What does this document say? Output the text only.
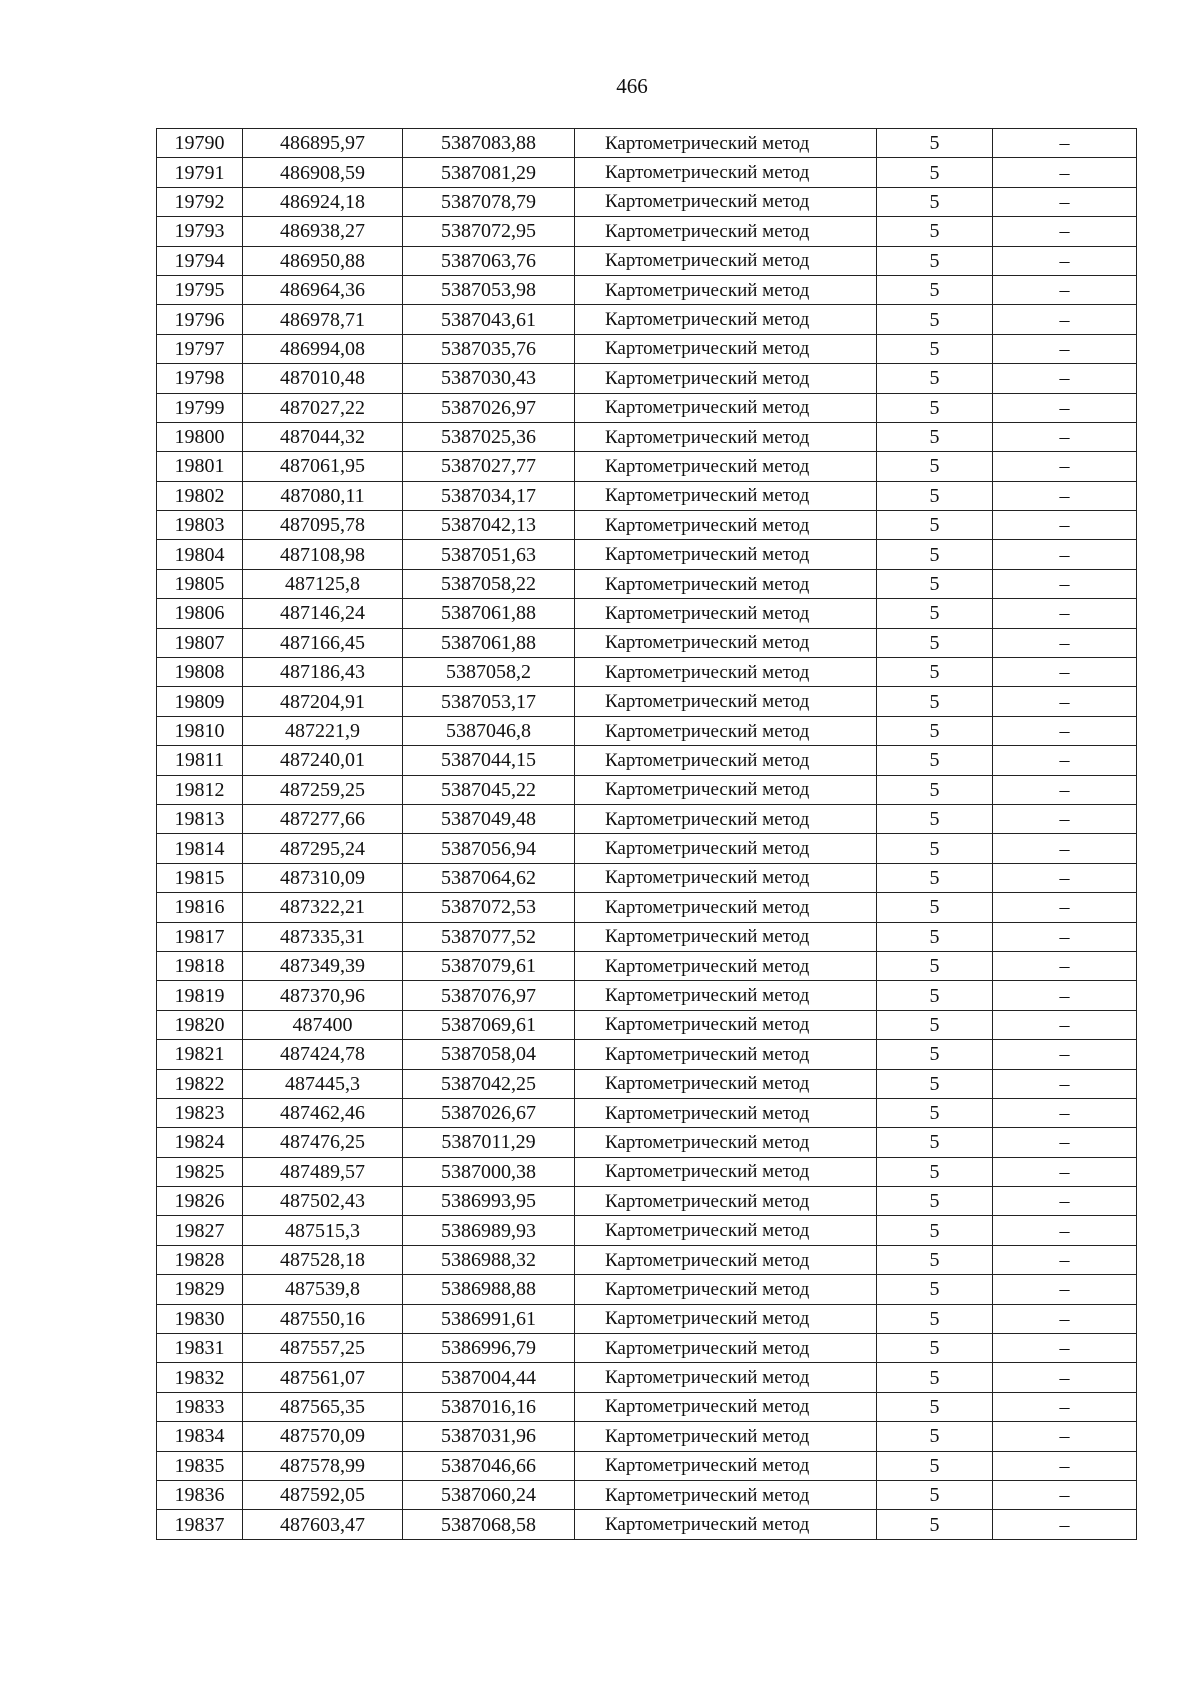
466
19790	486895,97	5387083,88	Картометрический метод	5	–
19791	486908,59	5387081,29	Картометрический метод	5	–
19792	486924,18	5387078,79	Картометрический метод	5	–
19793	486938,27	5387072,95	Картометрический метод	5	–
19794	486950,88	5387063,76	Картометрический метод	5	–
19795	486964,36	5387053,98	Картометрический метод	5	–
19796	486978,71	5387043,61	Картометрический метод	5	–
19797	486994,08	5387035,76	Картометрический метод	5	–
19798	487010,48	5387030,43	Картометрический метод	5	–
19799	487027,22	5387026,97	Картометрический метод	5	–
19800	487044,32	5387025,36	Картометрический метод	5	–
19801	487061,95	5387027,77	Картометрический метод	5	–
19802	487080,11	5387034,17	Картометрический метод	5	–
19803	487095,78	5387042,13	Картометрический метод	5	–
19804	487108,98	5387051,63	Картометрический метод	5	–
19805	487125,8	5387058,22	Картометрический метод	5	–
19806	487146,24	5387061,88	Картометрический метод	5	–
19807	487166,45	5387061,88	Картометрический метод	5	–
19808	487186,43	5387058,2	Картометрический метод	5	–
19809	487204,91	5387053,17	Картометрический метод	5	–
19810	487221,9	5387046,8	Картометрический метод	5	–
19811	487240,01	5387044,15	Картометрический метод	5	–
19812	487259,25	5387045,22	Картометрический метод	5	–
19813	487277,66	5387049,48	Картометрический метод	5	–
19814	487295,24	5387056,94	Картометрический метод	5	–
19815	487310,09	5387064,62	Картометрический метод	5	–
19816	487322,21	5387072,53	Картометрический метод	5	–
19817	487335,31	5387077,52	Картометрический метод	5	–
19818	487349,39	5387079,61	Картометрический метод	5	–
19819	487370,96	5387076,97	Картометрический метод	5	–
19820	487400	5387069,61	Картометрический метод	5	–
19821	487424,78	5387058,04	Картометрический метод	5	–
19822	487445,3	5387042,25	Картометрический метод	5	–
19823	487462,46	5387026,67	Картометрический метод	5	–
19824	487476,25	5387011,29	Картометрический метод	5	–
19825	487489,57	5387000,38	Картометрический метод	5	–
19826	487502,43	5386993,95	Картометрический метод	5	–
19827	487515,3	5386989,93	Картометрический метод	5	–
19828	487528,18	5386988,32	Картометрический метод	5	–
19829	487539,8	5386988,88	Картометрический метод	5	–
19830	487550,16	5386991,61	Картометрический метод	5	–
19831	487557,25	5386996,79	Картометрический метод	5	–
19832	487561,07	5387004,44	Картометрический метод	5	–
19833	487565,35	5387016,16	Картометрический метод	5	–
19834	487570,09	5387031,96	Картометрический метод	5	–
19835	487578,99	5387046,66	Картометрический метод	5	–
19836	487592,05	5387060,24	Картометрический метод	5	–
19837	487603,47	5387068,58	Картометрический метод	5	–
